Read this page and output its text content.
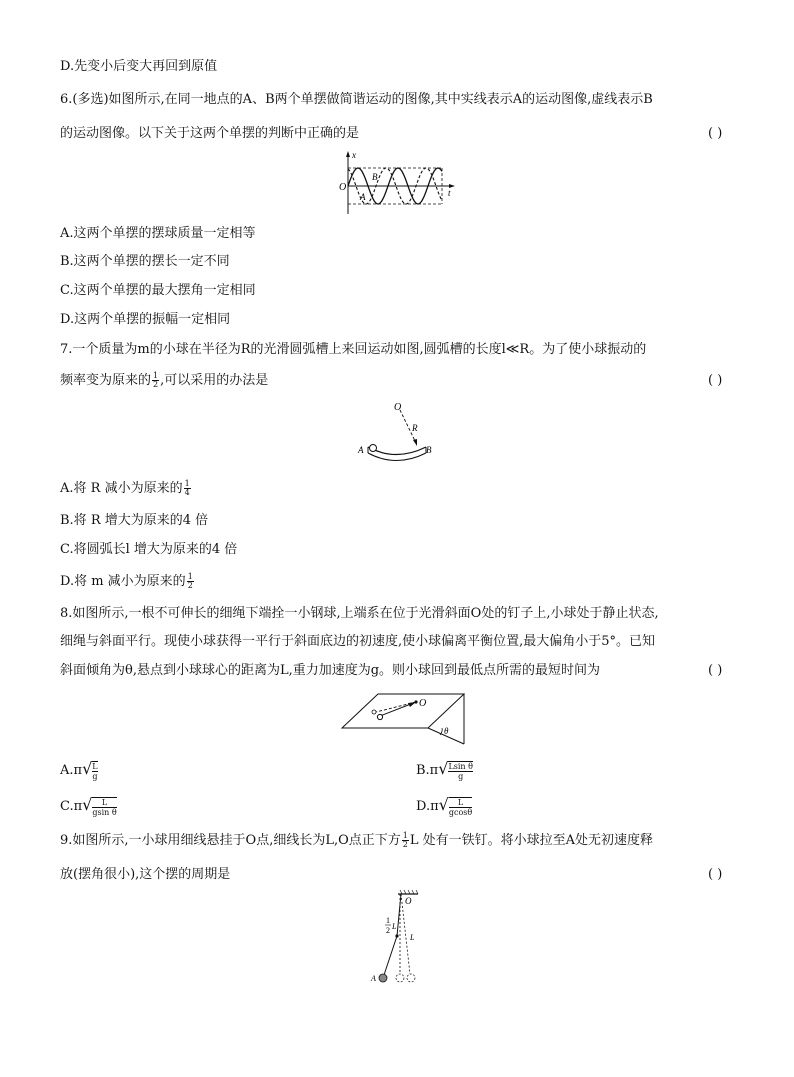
D.先变小后变大再回到原值
6.(多选)如图所示,在同一地点的A、B两个单摆做简谐运动的图像,其中实线表示A的运动图像,虚线表示B
的运动图像。以下关于这两个单摆的判断中正确的是	( )
x
O	t
B
A
A.这两个单摆的摆球质量一定相等
B.这两个单摆的摆长一定不同
C.这两个单摆的最大摆角一定相同
D.这两个单摆的振幅一定相同
7.一个质量为m的小球在半径为R的光滑圆弧槽上来回运动如图,圆弧槽的长度l≪R。为了使小球振动的
频率变为原来的 $\frac{1}{2}$ ,可以采用的办法是	( )
O
R
A	B
A.将 R 减小为原来的 $\frac{1}{4}$
B.将 R 增大为原来的4 倍
C.将圆弧长l 增大为原来的4 倍
D.将 m 减小为原来的 $\frac{1}{2}$
8.如图所示,一根不可伸长的细绳下端拴一小钢球,上端系在位于光滑斜面O处的钉子上,小球处于静止状态,
细绳与斜面平行。现使小球获得一平行于斜面底边的初速度,使小球偏离平衡位置,最大偏角小于5°。已知
斜面倾角为θ,悬点到小球球心的距离为L,重力加速度为g。则小球回到最低点所需的最短时间为	( )
O
θ
$A.\pi√ \frac{L}{g}$	$B.\pi√ \frac{\text{Lsin θ}}{g}$
$C.\pi√ \frac{L}{\text{gsin θ}}$	$D.\pi√ \frac{L}{gcos\theta}$
9.如图所示,一小球用细线悬挂于O点,细线长为L,O点正下方 $\frac{1}{2}$ L 处有一铁钉。将小球拉至A处无初速度释
放(摆角很小),这个摆的周期是	( )
O
1
2 L
L
A
